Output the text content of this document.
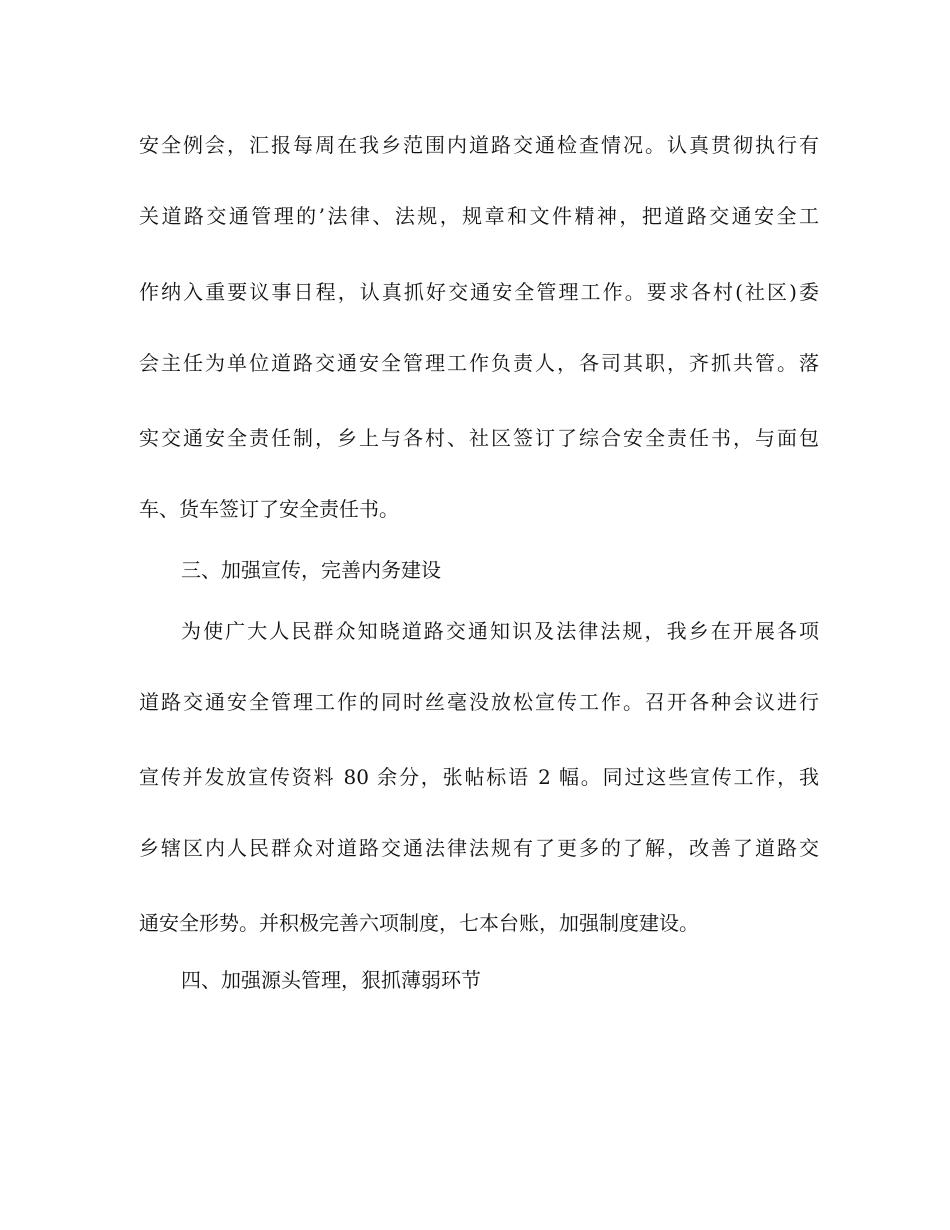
安全例会，汇报每周在我乡范围内道路交通检查情况。认真贯彻执行有

关道路交通管理的’法律、法规，规章和文件精神，把道路交通安全工

作纳入重要议事日程，认真抓好交通安全管理工作。要求各村(社区)委

会主任为单位道路交通安全管理工作负责人，各司其职，齐抓共管。落

实交通安全责任制，乡上与各村、社区签订了综合安全责任书，与面包

车、货车签订了安全责任书。

三、加强宣传，完善内务建设

为使广大人民群众知晓道路交通知识及法律法规，我乡在开展各项

道路交通安全管理工作的同时丝毫没放松宣传工作。召开各种会议进行

宣传并发放宣传资料 80 余分，张帖标语 2 幅。同过这些宣传工作，我

乡辖区内人民群众对道路交通法律法规有了更多的了解，改善了道路交

通安全形势。并积极完善六项制度，七本台账，加强制度建设。

四、加强源头管理，狠抓薄弱环节
